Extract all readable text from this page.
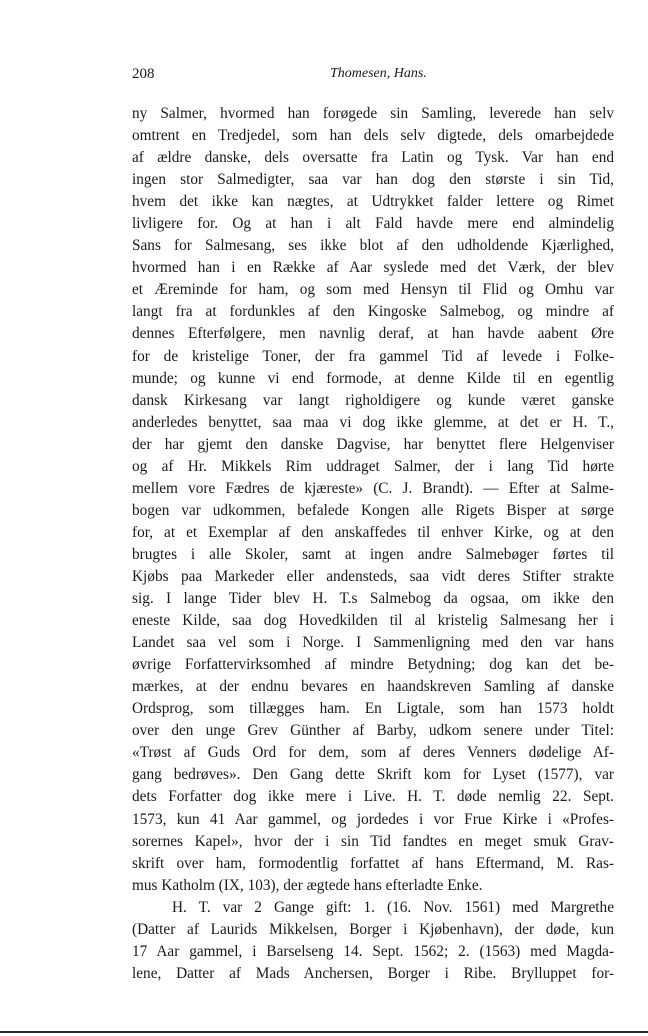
208	Thomesen, Hans.
ny Salmer, hvormed han forøgede sin Samling, leverede han selv
omtrent en Tredjedel, som han dels selv digtede, dels omarbejdede
af ældre danske, dels oversatte fra Latin og Tysk. Var han end
ingen stor Salmedigter, saa var han dog den største i sin Tid,
hvem det ikke kan nægtes, at Udtrykket falder lettere og Rimet
livligere for. Og at han i alt Fald havde mere end almindelig
Sans for Salmesang, ses ikke blot af den udholdende Kjærlighed,
hvormed han i en Række af Aar syslede med det Værk, der blev
et Æreminde for ham, og som med Hensyn til Flid og Omhu var
langt fra at fordunkles af den Kingoske Salmebog, og mindre af
dennes Efterfølgere, men navnlig deraf, at han havde aabent Øre
for de kristelige Toner, der fra gammel Tid af levede i Folke-
munde; og kunne vi end formode, at denne Kilde til en egentlig
dansk Kirkesang var langt righoldigere og kunde været ganske
anderledes benyttet, saa maa vi dog ikke glemme, at det er H. T.,
der har gjemt den danske Dagvise, har benyttet flere Helgenviser
og af Hr. Mikkels Rim uddraget Salmer, der i lang Tid hørte
mellem vore Fædres de kjæreste» (C. J. Brandt). — Efter at Salme-
bogen var udkommen, befalede Kongen alle Rigets Bisper at sørge
for, at et Exemplar af den anskaffedes til enhver Kirke, og at den
brugtes i alle Skoler, samt at ingen andre Salmebøger førtes til
Kjøbs paa Markeder eller andensteds, saa vidt deres Stifter strakte
sig. I lange Tider blev H. T.s Salmebog da ogsaa, om ikke den
eneste Kilde, saa dog Hovedkilden til al kristelig Salmesang her i
Landet saa vel som i Norge. I Sammenligning med den var hans
øvrige Forfattervirksomhed af mindre Betydning; dog kan det be-
mærkes, at der endnu bevares en haandskreven Samling af danske
Ordsprog, som tillægges ham. En Ligtale, som han 1573 holdt
over den unge Grev Günther af Barby, udkom senere under Titel:
«Trøst af Guds Ord for dem, som af deres Venners dødelige Af-
gang bedrøves». Den Gang dette Skrift kom for Lyset (1577), var
dets Forfatter dog ikke mere i Live. H. T. døde nemlig 22. Sept.
1573, kun 41 Aar gammel, og jordedes i vor Frue Kirke i «Profes-
sorernes Kapel», hvor der i sin Tid fandtes en meget smuk Grav-
skrift over ham, formodentlig forfattet af hans Eftermand, M. Ras-
mus Katholm (IX, 103), der ægtede hans efterladte Enke.
H. T. var 2 Gange gift: 1. (16. Nov. 1561) med Margrethe
(Datter af Laurids Mikkelsen, Borger i Kjøbenhavn), der døde, kun
17 Aar gammel, i Barselseng 14. Sept. 1562; 2. (1563) med Magda-
lene, Datter af Mads Anchersen, Borger i Ribe. Brylluppet for-
